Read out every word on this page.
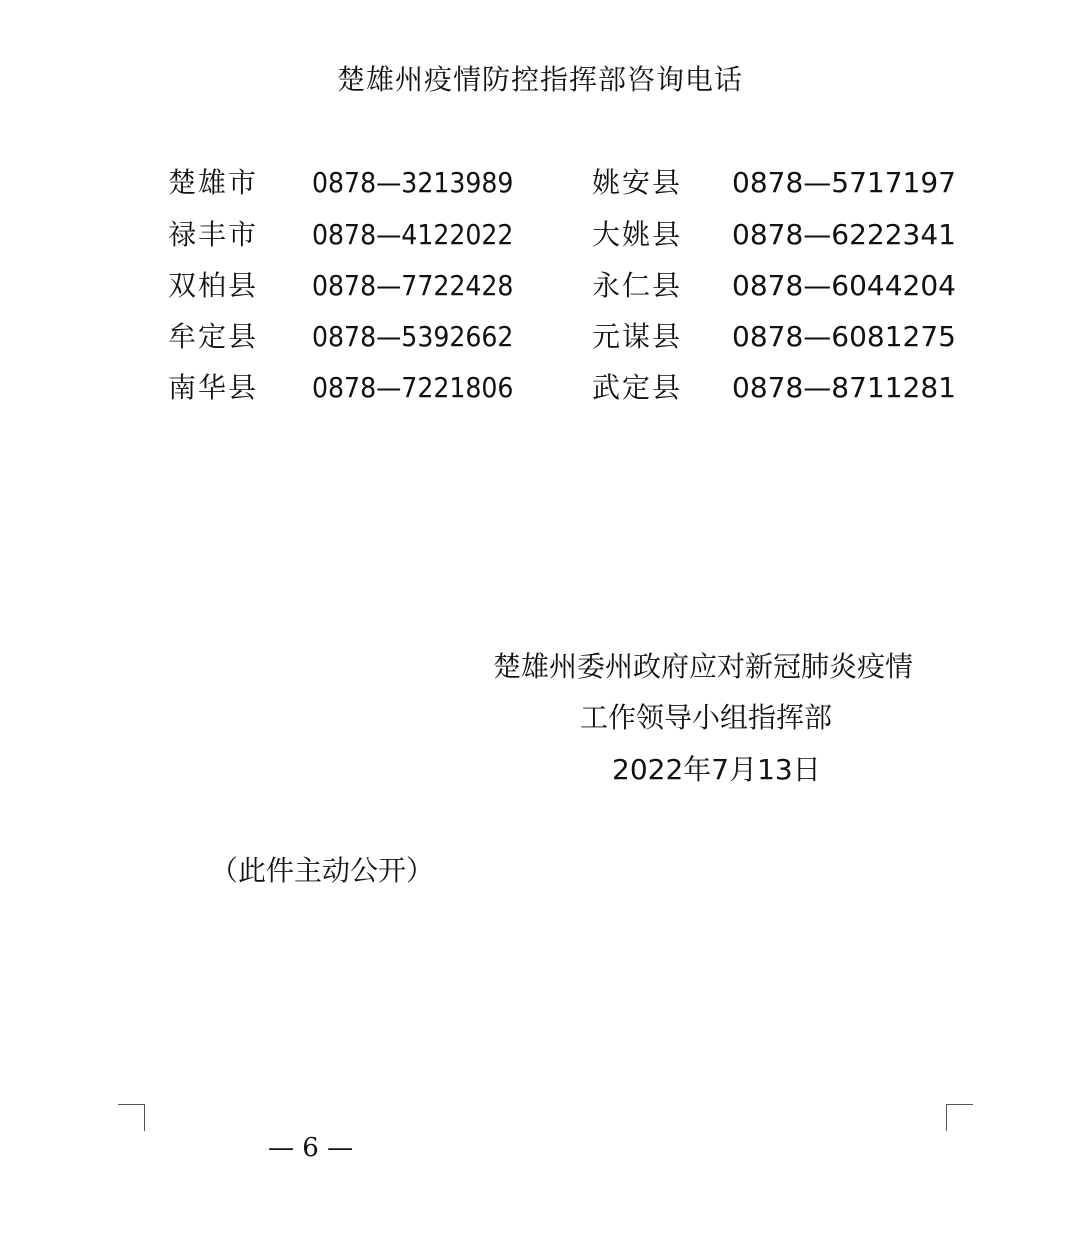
楚雄州疫情防控指挥部咨询电话
楚雄市 0878—3213989	姚安县 0878—5717197
禄丰市 0878—4122022	大姚县 0878—6222341
双柏县 0878—7722428	永仁县 0878—6044204
牟定县 0878—5392662	元谋县 0878—6081275
南华县 0878—7221806	武定县 0878—8711281
楚雄州委州政府应对新冠肺炎疫情
工作领导小组指挥部
2022年7月13日
（此件主动公开）
— 6 —
